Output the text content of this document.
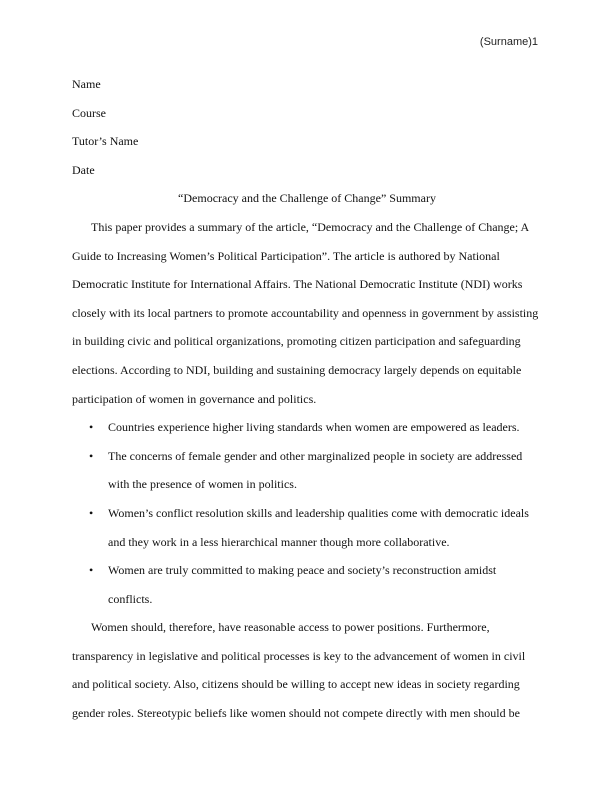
(Surname)1

Name

Course

Tutor’s Name

Date

“Democracy and the Challenge of Change” Summary

This paper provides a summary of the article, “Democracy and the Challenge of Change; A

Guide to Increasing Women’s Political Participation”. The article is authored by National

Democratic Institute for International Affairs. The National Democratic Institute (NDI) works

closely with its local partners to promote accountability and openness in government by assisting

in building civic and political organizations, promoting citizen participation and safeguarding

elections. According to NDI, building and sustaining democracy largely depends on equitable

participation of women in governance and politics.

• Countries experience higher living standards when women are empowered as leaders.

• The concerns of female gender and other marginalized people in society are addressed

with the presence of women in politics.

• Women’s conflict resolution skills and leadership qualities come with democratic ideals

and they work in a less hierarchical manner though more collaborative.

• Women are truly committed to making peace and society’s reconstruction amidst

conflicts.

Women should, therefore, have reasonable access to power positions. Furthermore,

transparency in legislative and political processes is key to the advancement of women in civil

and political society. Also, citizens should be willing to accept new ideas in society regarding

gender roles. Stereotypic beliefs like women should not compete directly with men should be
